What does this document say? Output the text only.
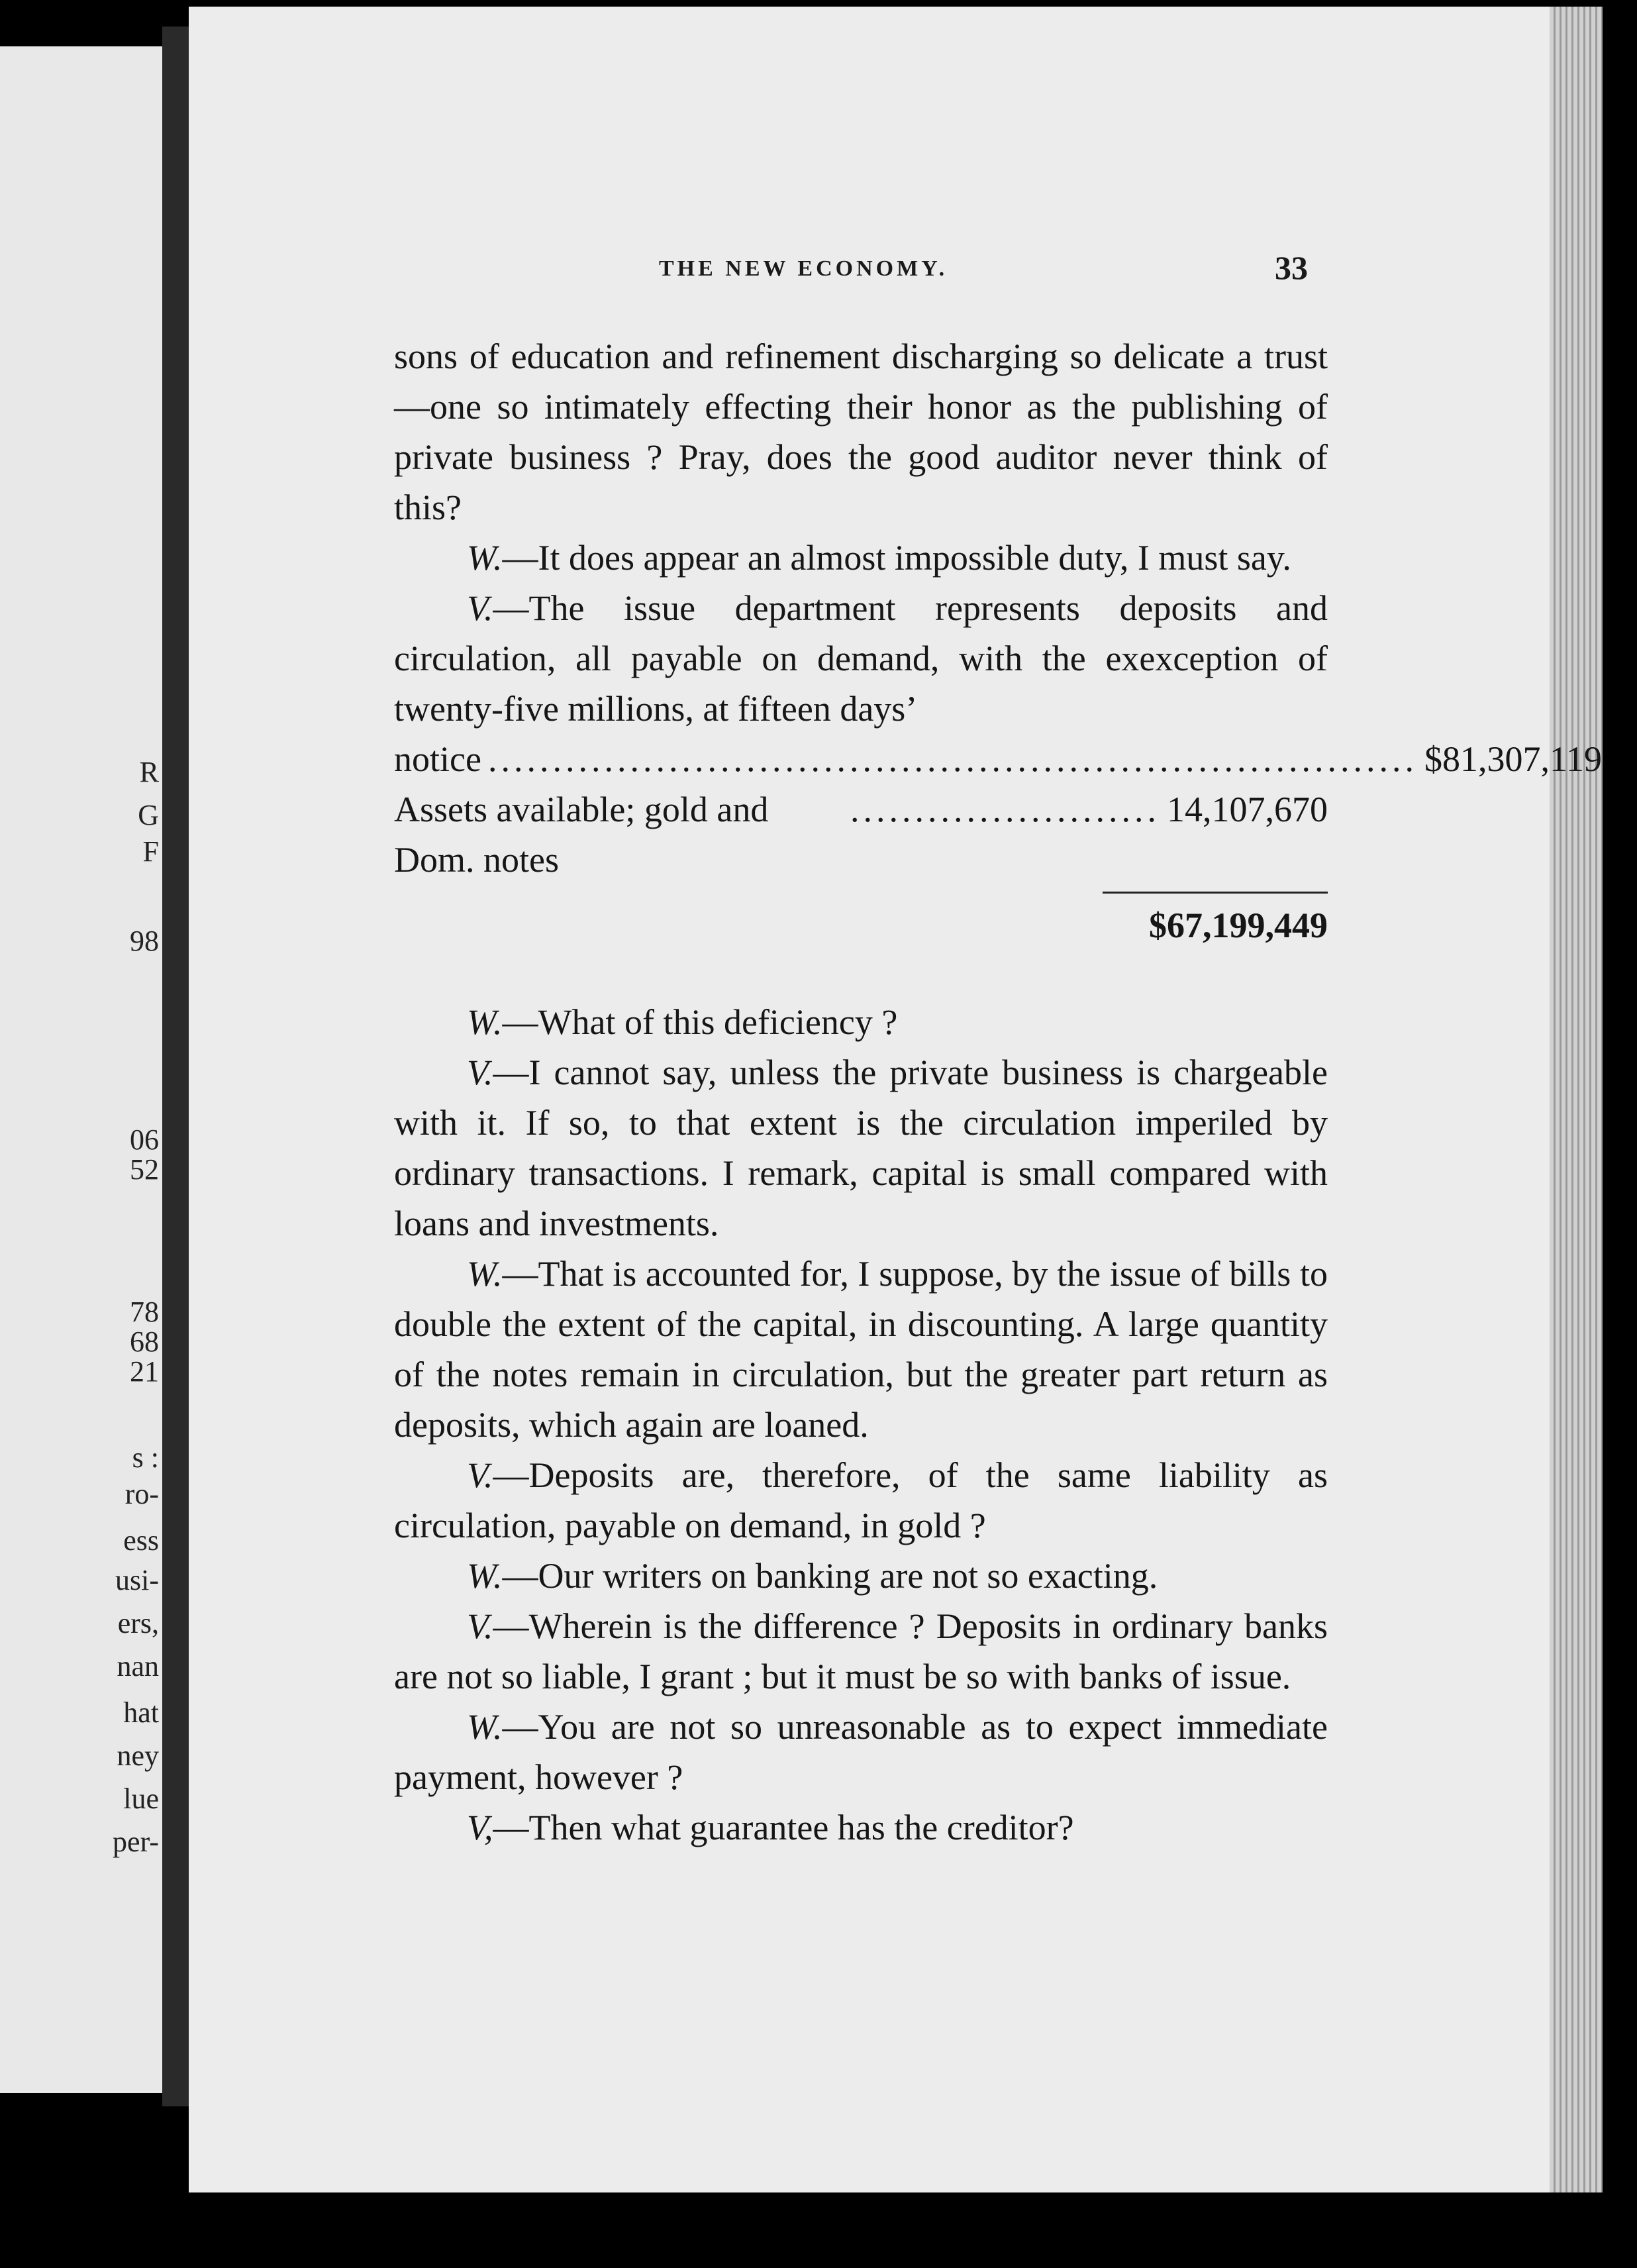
R
G
F
98
06
52
78
68
21
s :
ro-
ess
usi-
ers,
nan
hat
ney
lue
per-
THE NEW ECONOMY.	33

sons of education and refinement discharging so delicate a trust—one so intimately effecting their honor as the publishing of private business ? Pray, does the good auditor never think of this?

W.—It does appear an almost impossible duty, I must say.

V.—The issue department represents deposits and circulation, all payable on demand, with the exexception of twenty-five millions, at fifteen days’

notice ........................................................................ $81,307,119
Assets available; gold and Dom. notes
........................ 14,107,670
$67,199,449

W.—What of this deficiency ?

V.—I cannot say, unless the private business is chargeable with it. If so, to that extent is the circulation imperiled by ordinary transactions. I remark, capital is small compared with loans and investments.

W.—That is accounted for, I suppose, by the issue of bills to double the extent of the capital, in discounting. A large quantity of the notes remain in circulation, but the greater part return as deposits, which again are loaned.

V.—Deposits are, therefore, of the same liability as circulation, payable on demand, in gold ?

W.—Our writers on banking are not so exacting.

V.—Wherein is the difference ? Deposits in ordinary banks are not so liable, I grant ; but it must be so with banks of issue.

W.—You are not so unreasonable as to expect immediate payment, however ?

V,—Then what guarantee has the creditor?
